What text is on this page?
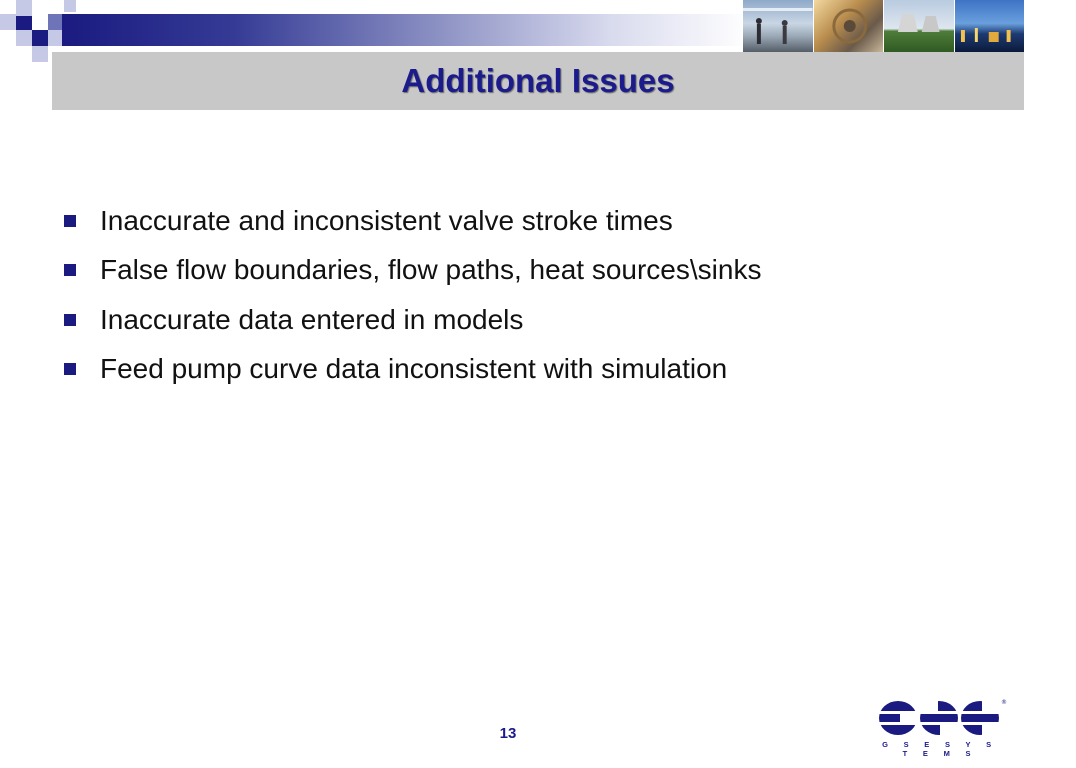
Additional Issues
Inaccurate and inconsistent valve stroke times
False flow boundaries, flow paths, heat sources\sinks
Inaccurate data entered in models
Feed pump curve data inconsistent with simulation
13
®
G S E S Y S T E M S
